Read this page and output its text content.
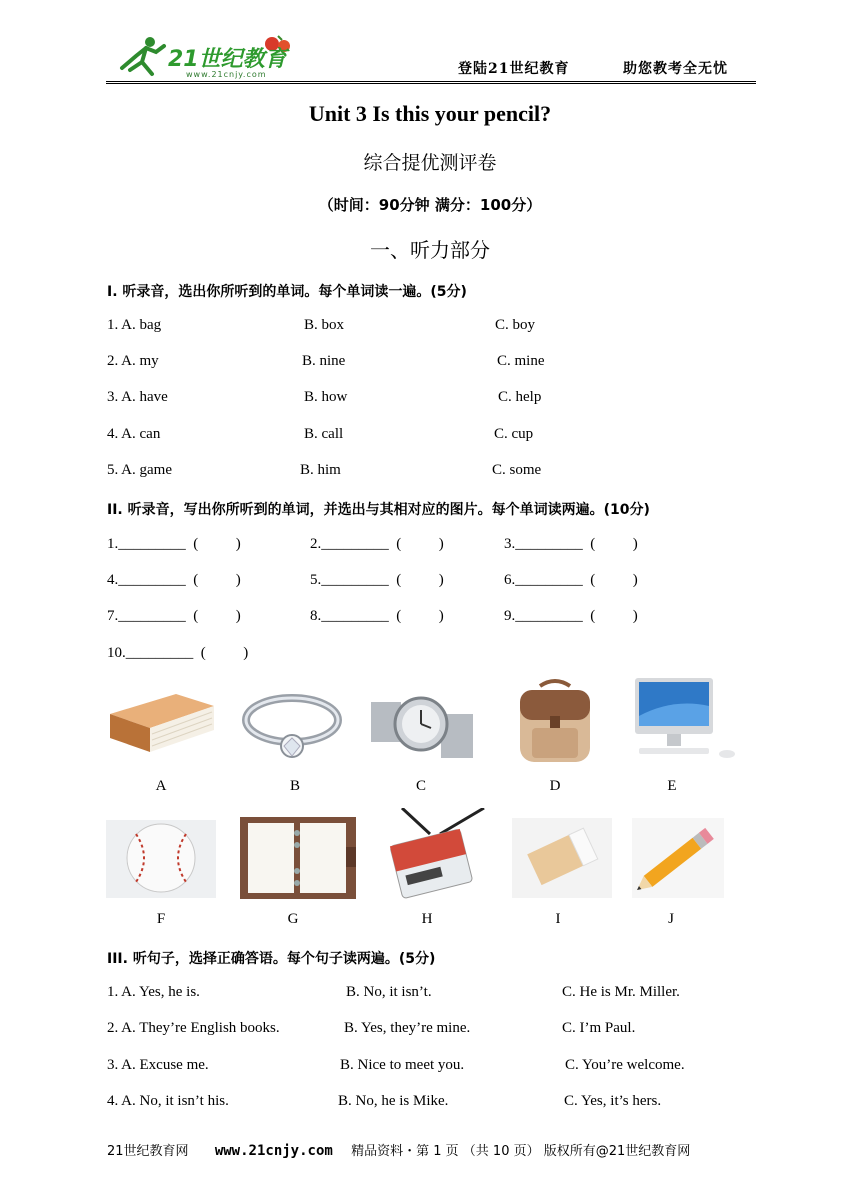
21世纪教育
www.21cnjy.com	登陆21世纪教育	助您教考全无忧
Unit 3 Is this your pencil?
综合提优测评卷
（时间：90分钟 满分：100分）
一、听力部分
I. 听录音，选出你所听到的单词。每个单词读一遍。(5分)
1. A. bag	B. box	C. boy
2. A. my	B. nine	C. mine
3. A. have	B. how	C. help
4. A. can	B. call	C. cup
5. A. game	B. him	C. some
II. 听录音，写出你所听到的单词，并选出与其相对应的图片。每个单词读两遍。(10分)
1._________  (          )	2._________  (          )	3._________  (          )
4._________  (          )	5._________  (          )	6._________  (          )
7._________  (          )	8._________  (          )	9._________  (          )
10._________  (          )
A	B	C	D	E
F	G	H	I	J
III. 听句子，选择正确答语。每个句子读两遍。(5分)
1. A. Yes, he is.	B. No, it isn’t.	C. He is Mr. Miller.
2. A. They’re English books.	B. Yes, they’re mine.	C. I’m Paul.
3. A. Excuse me.	B. Nice to meet you.	C. You’re welcome.
4. A. No, it isn’t his.	B. No, he is Mike.	C. Yes, it’s hers.
21世纪教育网 www.21cnjy.com 精品资料・第 1 页 （共 10 页） 版权所有@21世纪教育网
